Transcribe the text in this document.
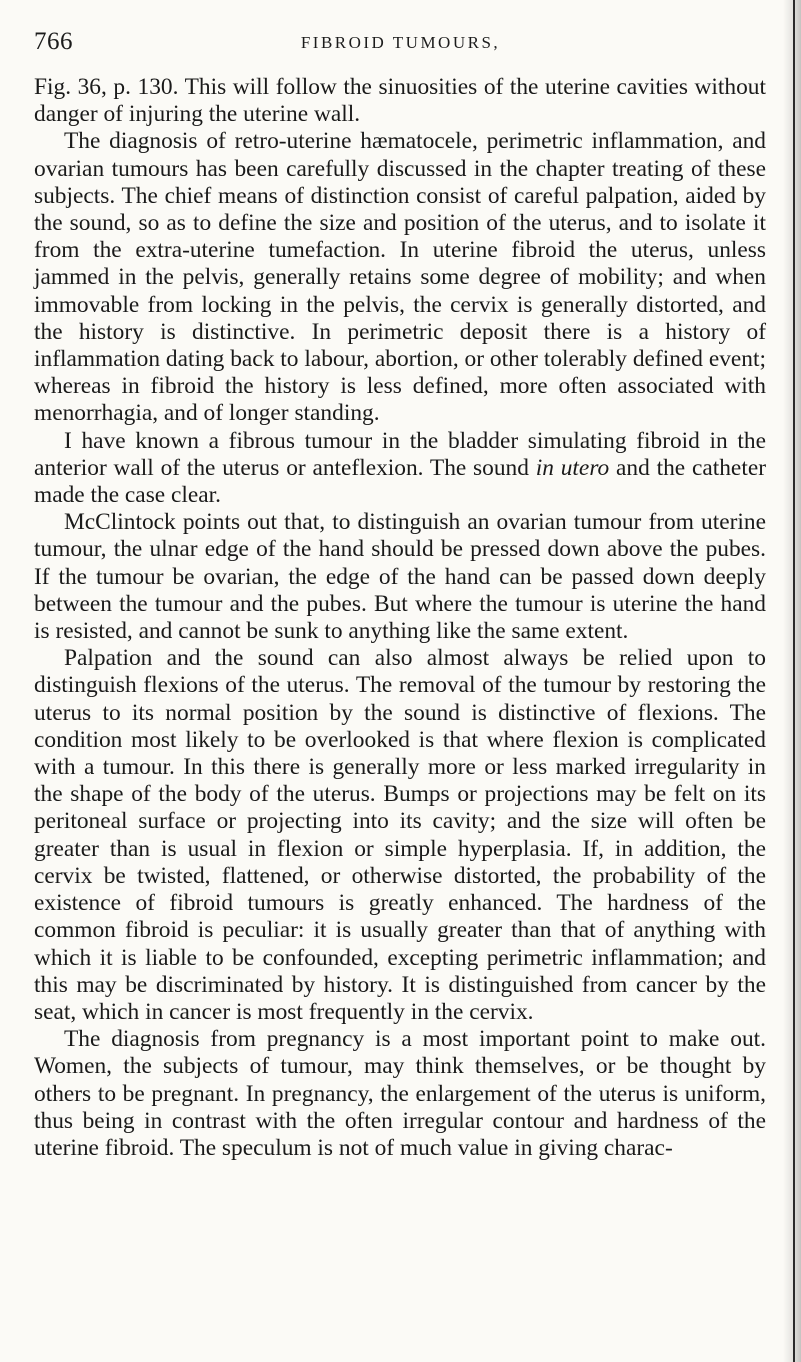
766	FIBROID TUMOURS,

Fig. 36, p. 130. This will follow the sinuosities of the uterine cavities without danger of injuring the uterine wall.

The diagnosis of retro-uterine hæmatocele, perimetric inflammation, and ovarian tumours has been carefully discussed in the chapter treating of these subjects. The chief means of distinction consist of careful palpation, aided by the sound, so as to define the size and position of the uterus, and to isolate it from the extra-uterine tumefaction. In uterine fibroid the uterus, unless jammed in the pelvis, generally retains some degree of mobility; and when immovable from locking in the pelvis, the cervix is generally distorted, and the history is distinctive. In perimetric deposit there is a history of inflammation dating back to labour, abortion, or other tolerably defined event; whereas in fibroid the history is less defined, more often associated with menorrhagia, and of longer standing.

I have known a fibrous tumour in the bladder simulating fibroid in the anterior wall of the uterus or anteflexion. The sound in utero and the catheter made the case clear.

McClintock points out that, to distinguish an ovarian tumour from uterine tumour, the ulnar edge of the hand should be pressed down above the pubes. If the tumour be ovarian, the edge of the hand can be passed down deeply between the tumour and the pubes. But where the tumour is uterine the hand is resisted, and cannot be sunk to anything like the same extent.

Palpation and the sound can also almost always be relied upon to distinguish flexions of the uterus. The removal of the tumour by restoring the uterus to its normal position by the sound is distinctive of flexions. The condition most likely to be overlooked is that where flexion is complicated with a tumour. In this there is generally more or less marked irregularity in the shape of the body of the uterus. Bumps or projections may be felt on its peritoneal surface or projecting into its cavity; and the size will often be greater than is usual in flexion or simple hyperplasia. If, in addition, the cervix be twisted, flattened, or otherwise distorted, the probability of the existence of fibroid tumours is greatly enhanced. The hardness of the common fibroid is peculiar: it is usually greater than that of anything with which it is liable to be confounded, excepting perimetric inflammation; and this may be discriminated by history. It is distinguished from cancer by the seat, which in cancer is most frequently in the cervix.

The diagnosis from pregnancy is a most important point to make out. Women, the subjects of tumour, may think themselves, or be thought by others to be pregnant. In pregnancy, the enlargement of the uterus is uniform, thus being in contrast with the often irregular contour and hardness of the uterine fibroid. The speculum is not of much value in giving charac-
